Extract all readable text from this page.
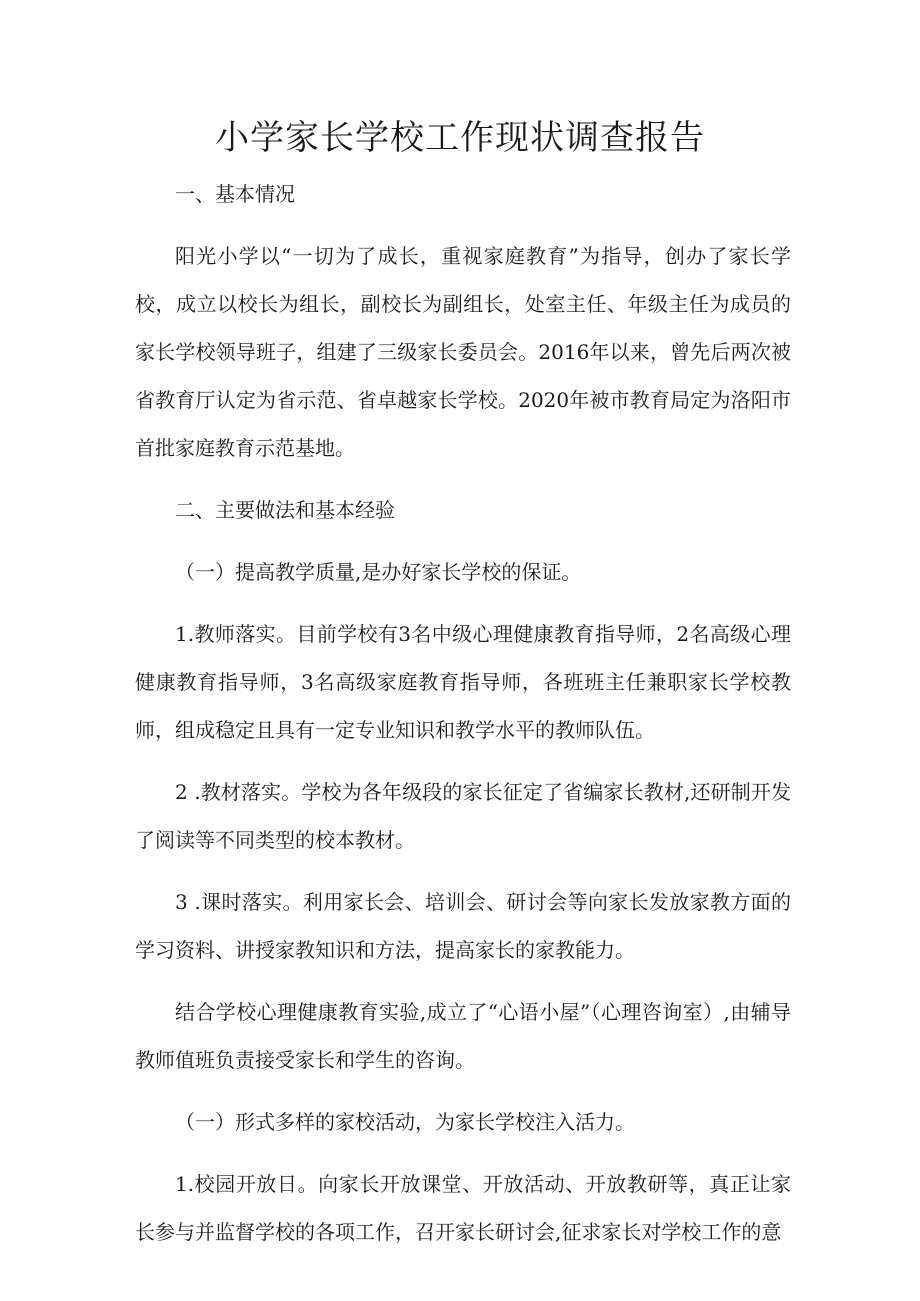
小学家长学校工作现状调查报告

一、基本情况

阳光小学以“一切为了成长，重视家庭教育”为指导，创办了家长学校，成立以校长为组长，副校长为副组长，处室主任、年级主任为成员的家长学校领导班子，组建了三级家长委员会。2016年以来，曾先后两次被省教育厅认定为省示范、省卓越家长学校。2020年被市教育局定为洛阳市首批家庭教育示范基地。

二、主要做法和基本经验

（一）提高教学质量,是办好家长学校的保证。

1.教师落实。目前学校有3名中级心理健康教育指导师，2名高级心理健康教育指导师，3名高级家庭教育指导师，各班班主任兼职家长学校教师，组成稳定且具有一定专业知识和教学水平的教师队伍。

2 .教材落实。学校为各年级段的家长征定了省编家长教材,还研制开发了阅读等不同类型的校本教材。

3 .课时落实。利用家长会、培训会、研讨会等向家长发放家教方面的学习资料、讲授家教知识和方法，提高家长的家教能力。

结合学校心理健康教育实验,成立了“心语小屋”（心理咨询室）,由辅导教师值班负责接受家长和学生的咨询。

（一）形式多样的家校活动，为家长学校注入活力。

1.校园开放日。向家长开放课堂、开放活动、开放教研等，真正让家长参与并监督学校的各项工作，召开家长研讨会,征求家长对学校工作的意
